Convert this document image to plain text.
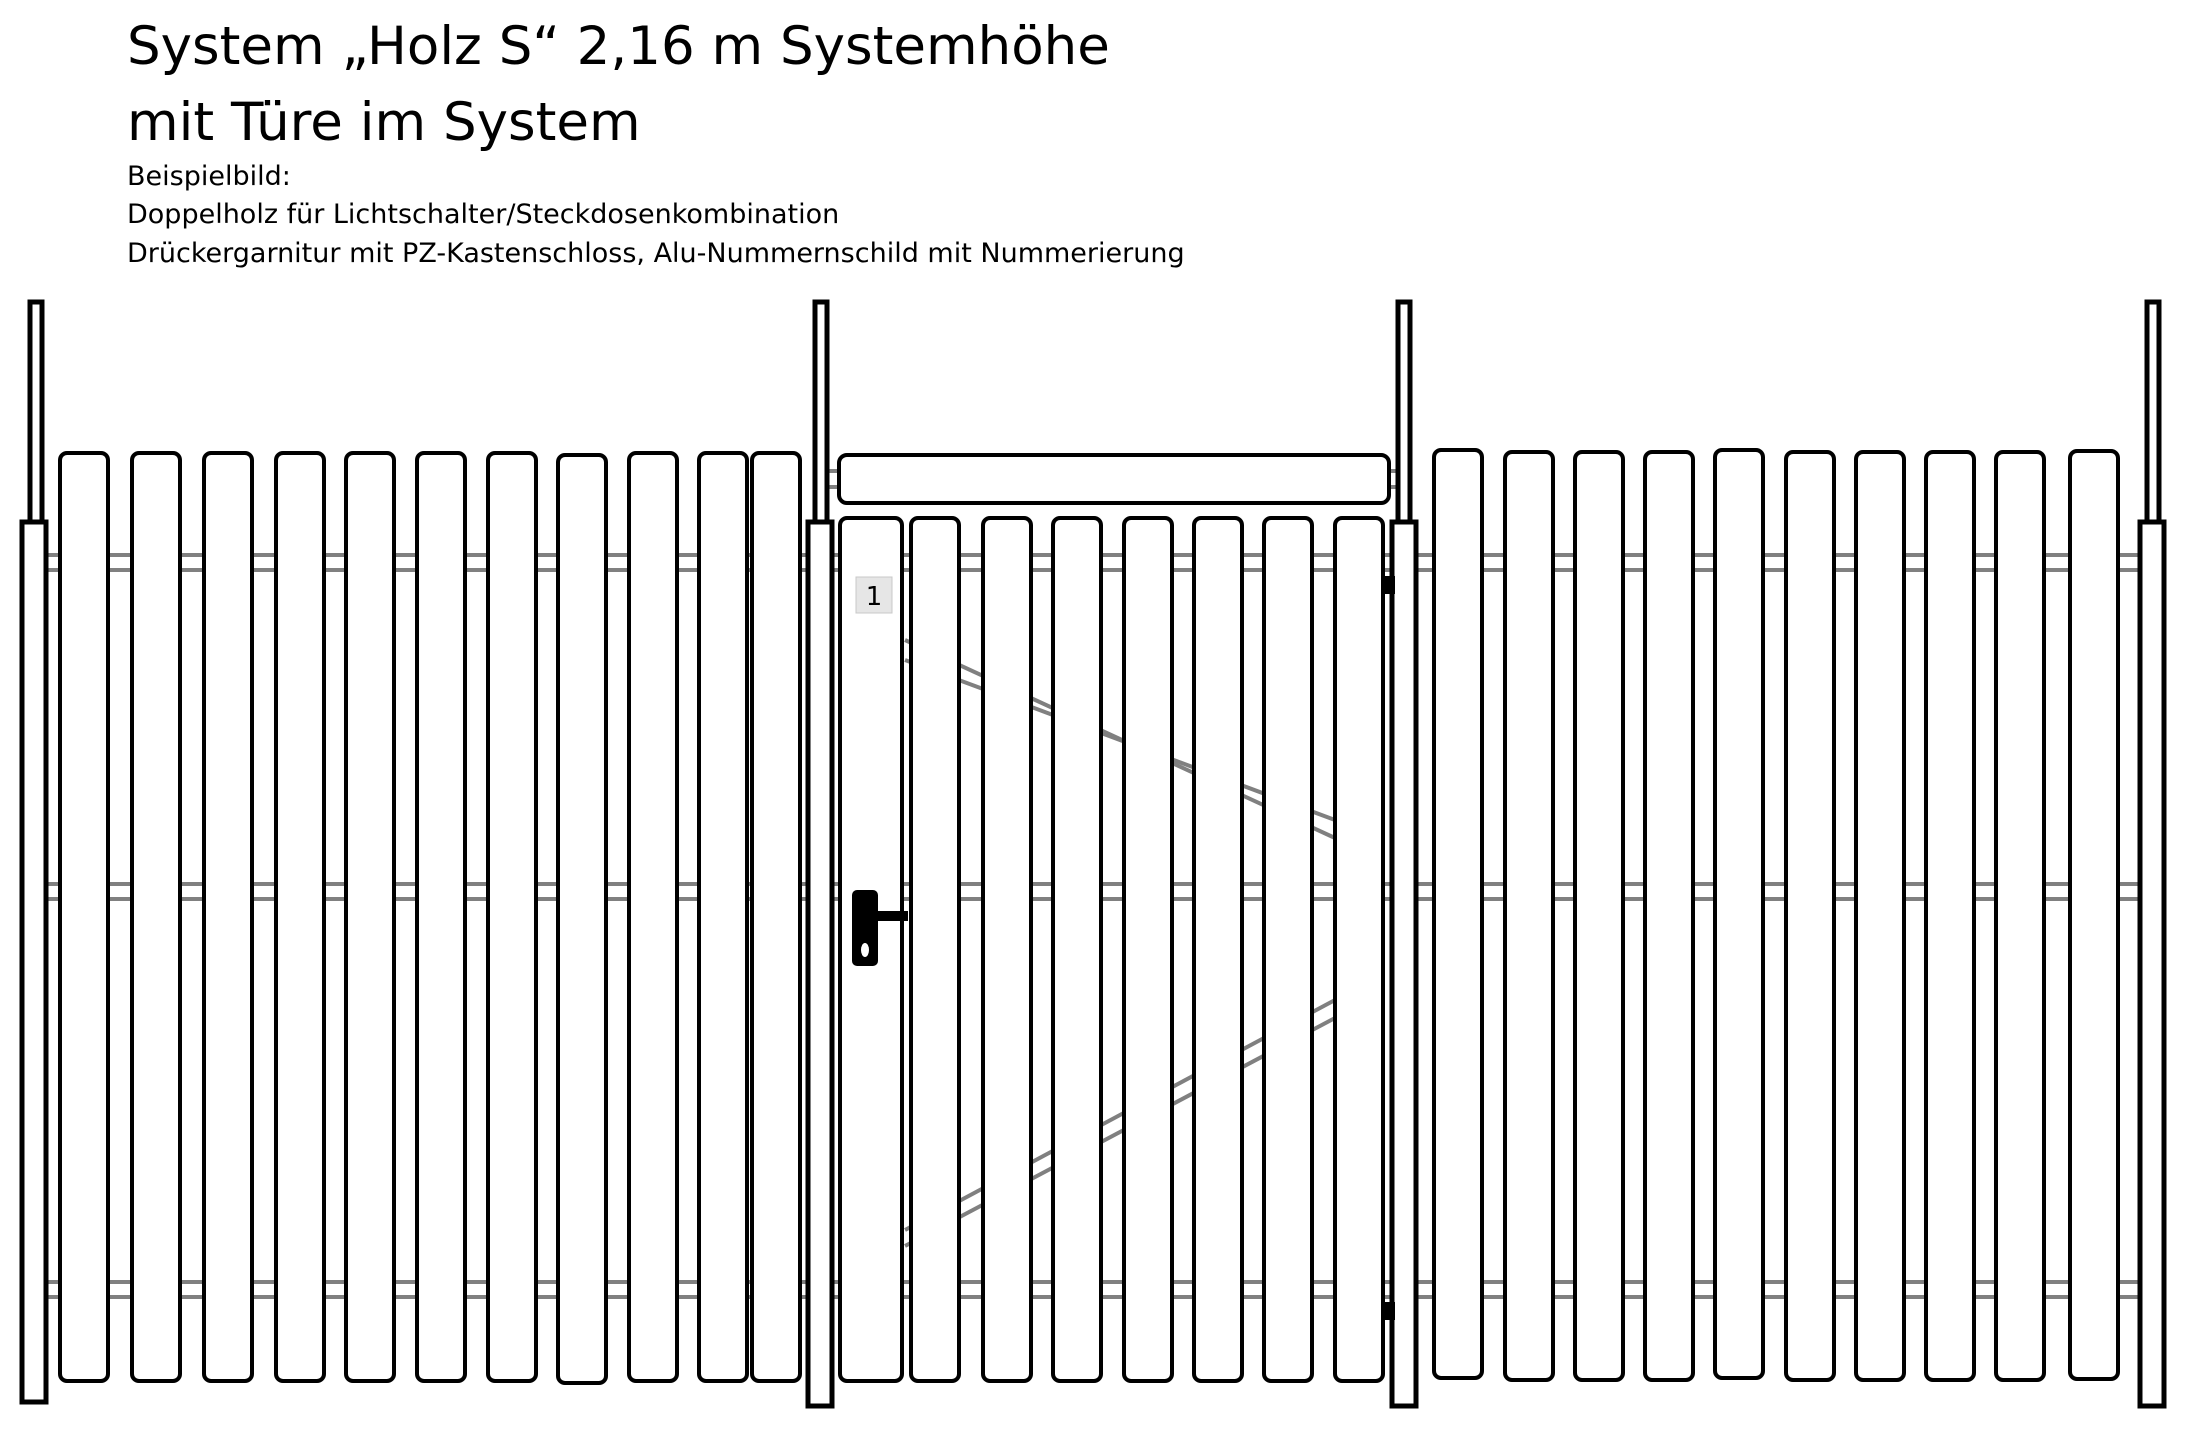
System „Holz S“ 2,16 m Systemhöhe
mit Türe im System
Beispielbild:
Doppelholz für Lichtschalter/Steckdosenkombination
Drückergarnitur mit PZ-Kastenschloss, Alu-Nummernschild mit Nummerierung
1
